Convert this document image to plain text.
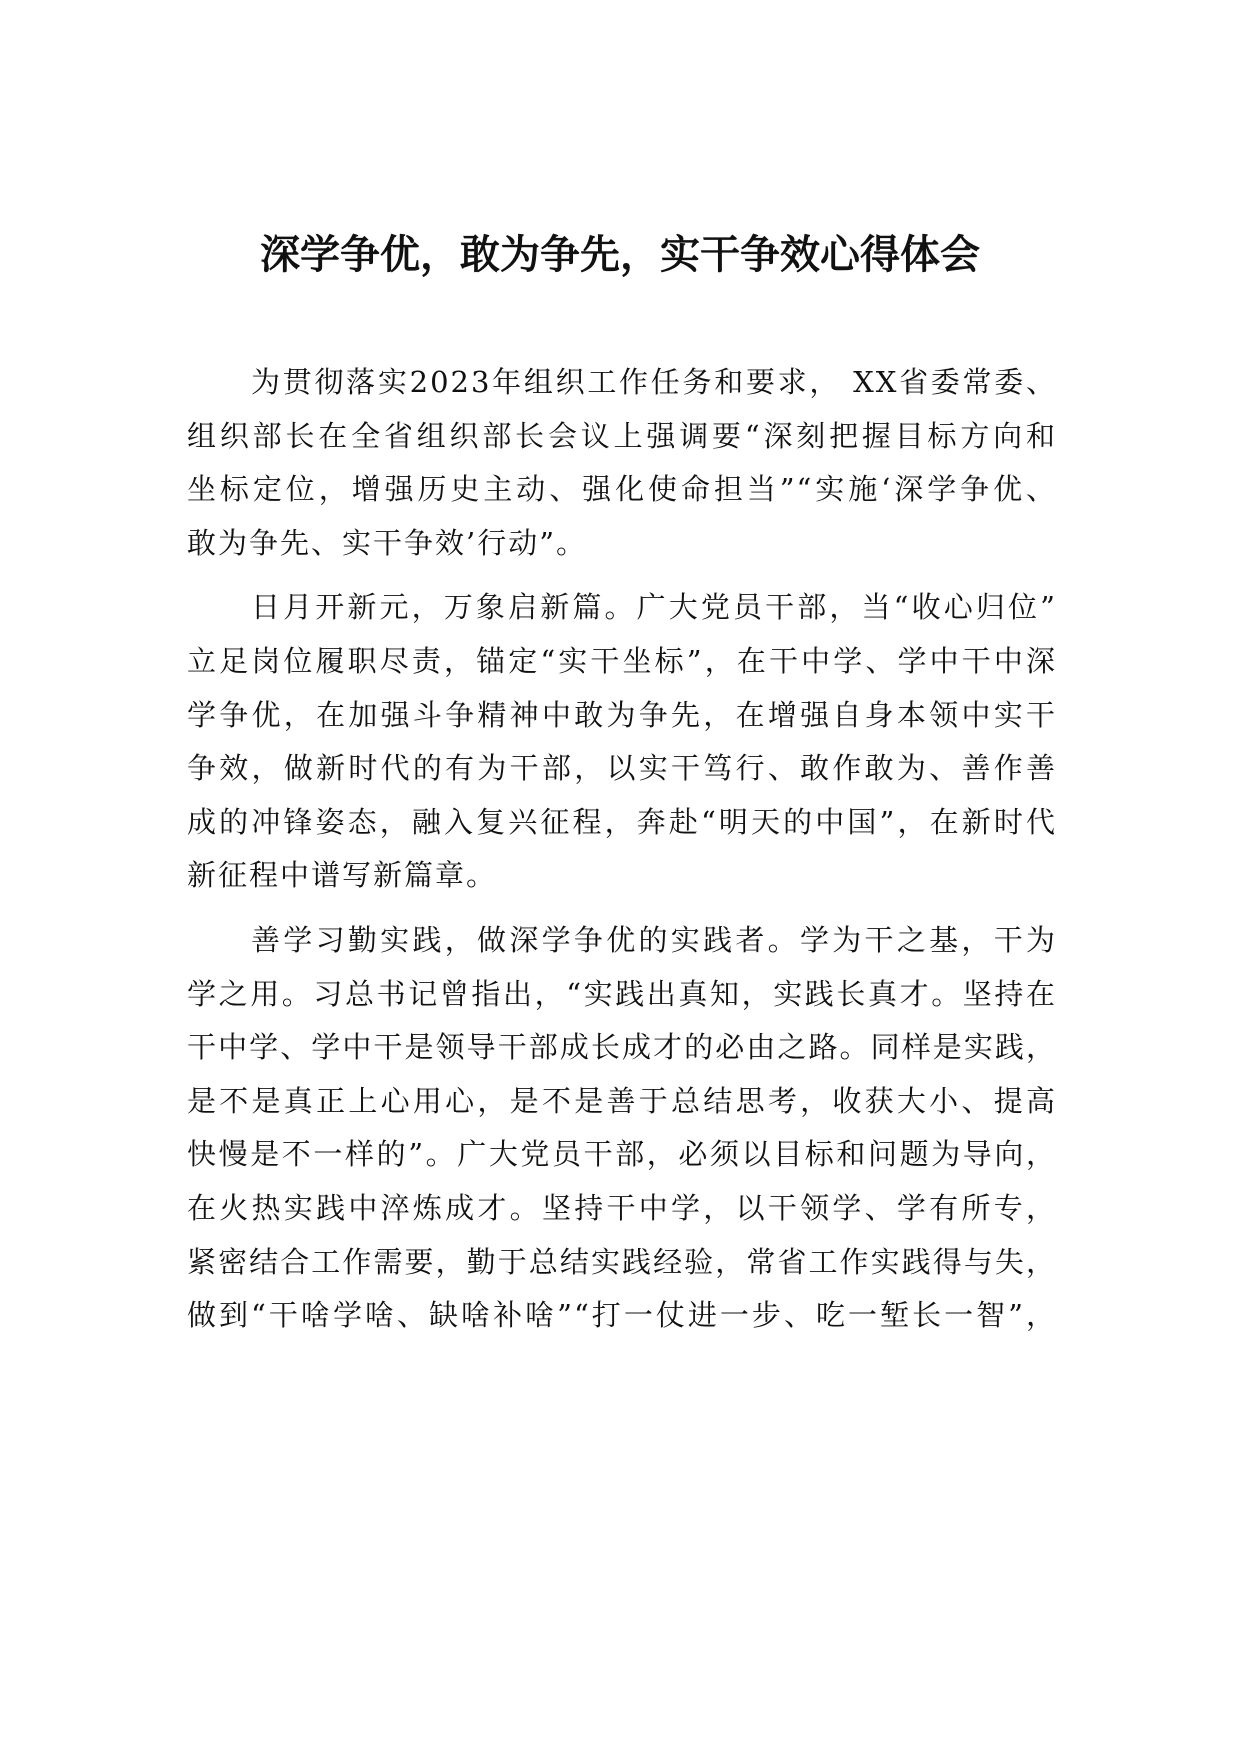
深学争优，敢为争先，实干争效心得体会
为贯彻落实2023年组织工作任务和要求， XX省委常委、
组织部长在全省组织部长会议上强调要“深刻把握目标方向和
坐标定位，增强历史主动、强化使命担当”“实施‘深学争优、
敢为争先、实干争效’行动”。
日月开新元，万象启新篇。广大党员干部，当“收心归位”
立足岗位履职尽责，锚定“实干坐标”，在干中学、学中干中深
学争优，在加强斗争精神中敢为争先，在增强自身本领中实干
争效，做新时代的有为干部，以实干笃行、敢作敢为、善作善
成的冲锋姿态，融入复兴征程，奔赴“明天的中国”，在新时代
新征程中谱写新篇章。
善学习勤实践，做深学争优的实践者。学为干之基，干为
学之用。习总书记曾指出，“实践出真知，实践长真才。坚持在
干中学、学中干是领导干部成长成才的必由之路。同样是实践，
是不是真正上心用心，是不是善于总结思考，收获大小、提高
快慢是不一样的”。广大党员干部，必须以目标和问题为导向，
在火热实践中淬炼成才。坚持干中学，以干领学、学有所专，
紧密结合工作需要，勤于总结实践经验，常省工作实践得与失，
做到“干啥学啥、缺啥补啥”“打一仗进一步、吃一堑长一智”，
